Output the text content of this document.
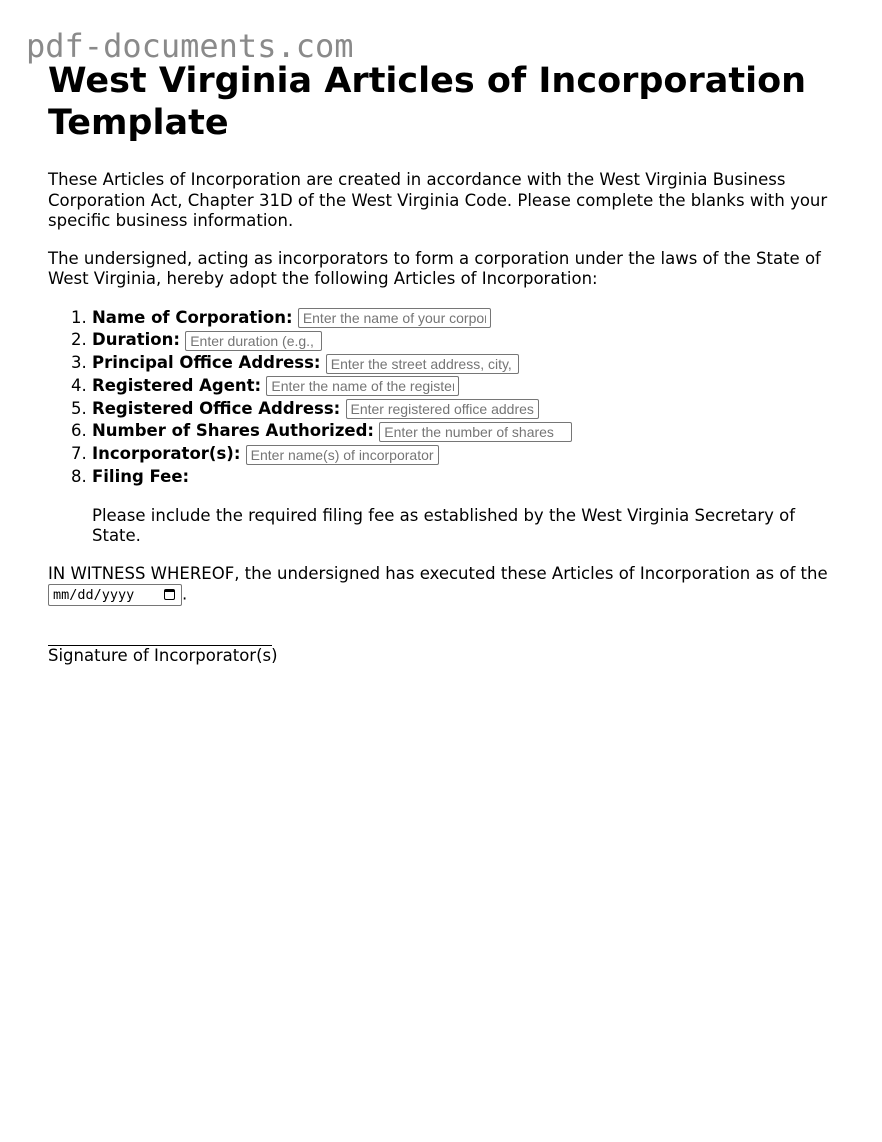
pdf-documents.com
West Virginia Articles of Incorporation Template

These Articles of Incorporation are created in accordance with the West Virginia Business Corporation Act, Chapter 31D of the West Virginia Code. Please complete the blanks with your specific business information.

The undersigned, acting as incorporators to form a corporation under the laws of the State of West Virginia, hereby adopt the following Articles of Incorporation:

1. Name of Corporation: Enter the name of your corporation
2. Duration: Enter duration (e.g., perpetual)
3. Principal Office Address: Enter the street address, city, state, zip
4. Registered Agent: Enter the name of the registered agent
5. Registered Office Address: Enter registered office address
6. Number of Shares Authorized: Enter the number of shares
7. Incorporator(s): Enter name(s) of incorporators
8. Filing Fee:

Please include the required filing fee as established by the West Virginia Secretary of State.

IN WITNESS WHEREOF, the undersigned has executed these Articles of Incorporation as of the mm/dd/yyyy	.

Signature of Incorporator(s)
